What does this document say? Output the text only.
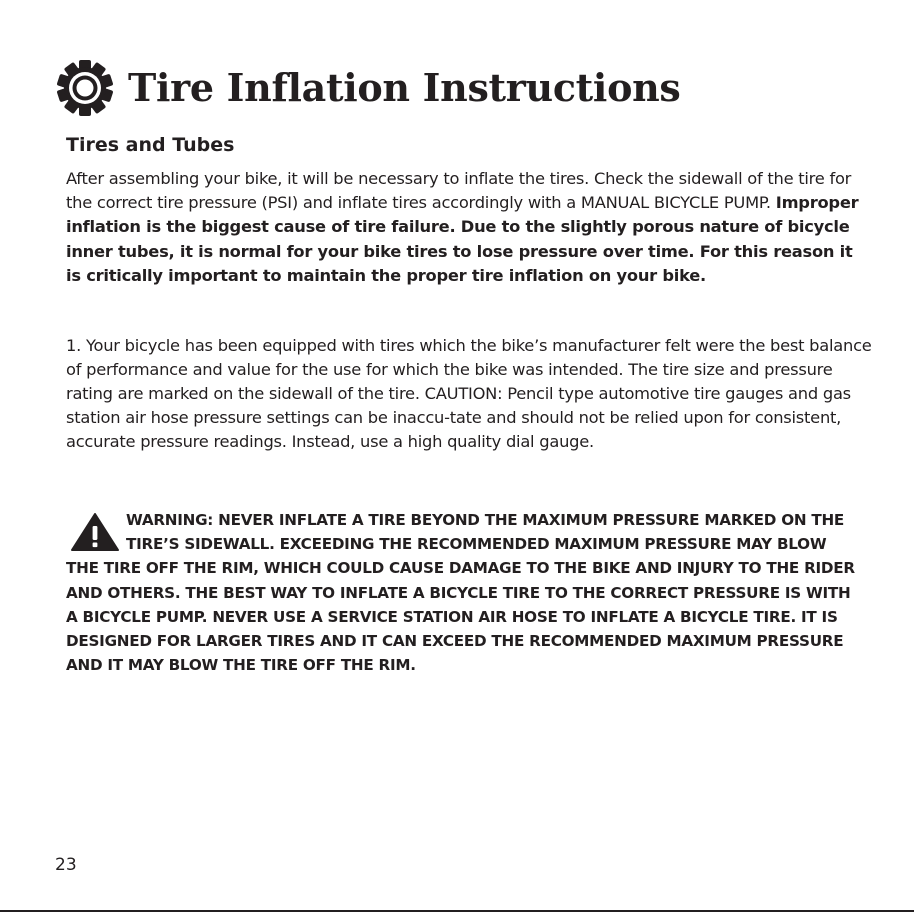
Tire Inflation Instructions
Tires and Tubes
After assembling your bike, it will be necessary to inflate the tires. Check the sidewall of the tire for the correct tire pressure (PSI) and inflate tires accordingly with a MANUAL BICYCLE PUMP. Improper inflation is the biggest cause of tire failure. Due to the slightly porous nature of bicycle inner tubes, it is normal for your bike tires to lose pressure over time. For this reason it is critically important to maintain the proper tire inflation on your bike.
1. Your bicycle has been equipped with tires which the bike’s manufacturer felt were the best balance of performance and value for the use for which the bike was intended. The tire size and pressure rating are marked on the sidewall of the tire. CAUTION: Pencil type automotive tire gauges and gas station air hose pressure settings can be inaccu-tate and should not be relied upon for consistent, accurate pressure readings. Instead, use a high quality dial gauge.
WARNING: NEVER INFLATE A TIRE BEYOND THE MAXIMUM PRESSURE MARKED ON THE TIRE’S SIDEWALL. EXCEEDING THE RECOMMENDED MAXIMUM PRESSURE MAY BLOW THE TIRE OFF THE RIM, WHICH COULD CAUSE DAMAGE TO THE BIKE AND INJURY TO THE RIDER AND OTHERS. THE BEST WAY TO INFLATE A BICYCLE TIRE TO THE CORRECT PRESSURE IS WITH A BICYCLE PUMP. NEVER USE A SERVICE STATION AIR HOSE TO INFLATE A BICYCLE TIRE. IT IS DESIGNED FOR LARGER TIRES AND IT CAN EXCEED THE RECOMMENDED MAXIMUM PRESSURE AND IT MAY BLOW THE TIRE OFF THE RIM.
23
